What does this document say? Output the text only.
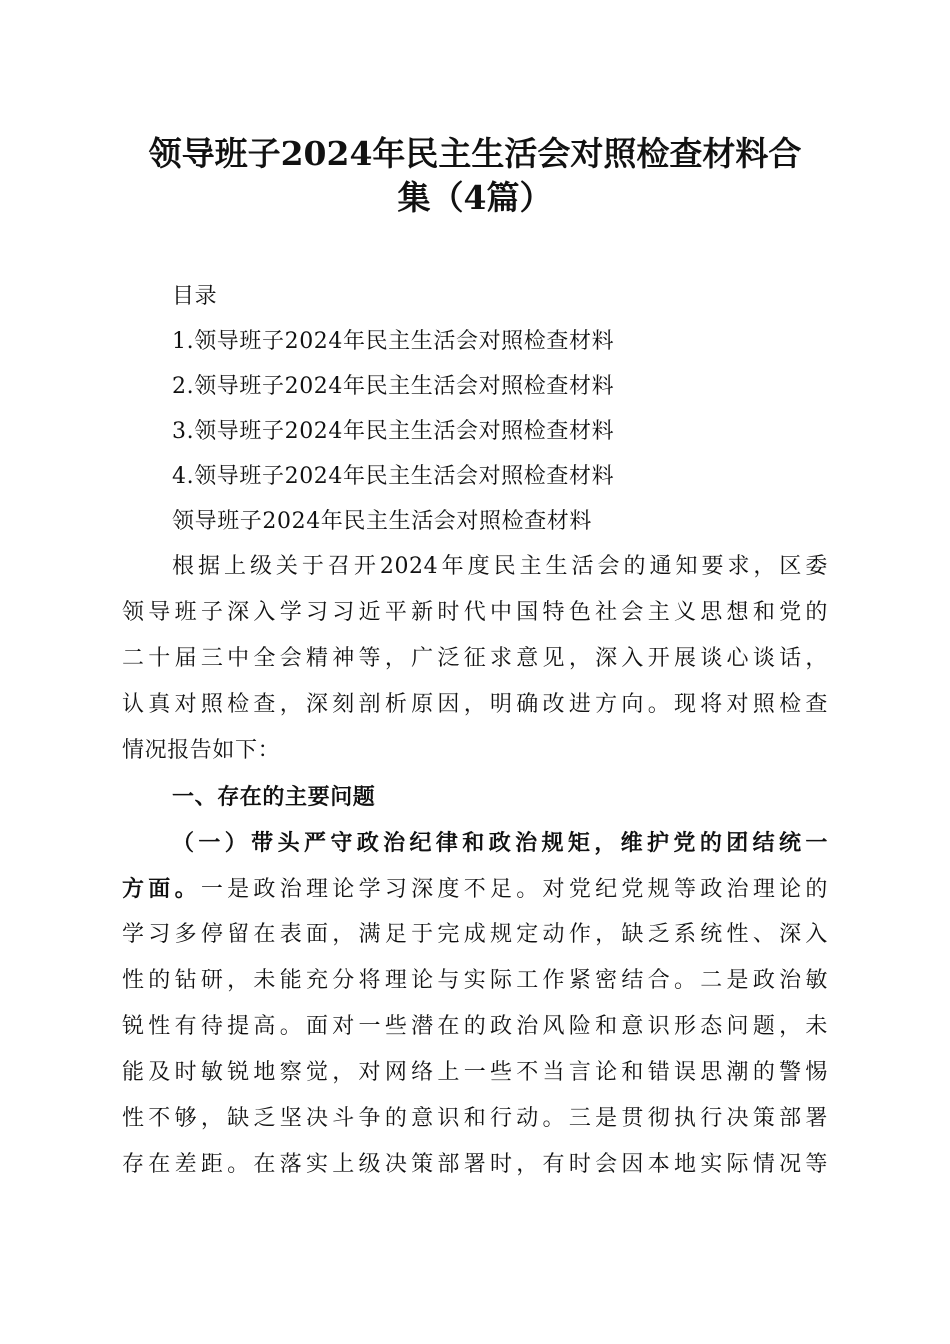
领导班子2024年民主生活会对照检查材料合
集（4篇）
目录
1.领导班子2024年民主生活会对照检查材料
2.领导班子2024年民主生活会对照检查材料
3.领导班子2024年民主生活会对照检查材料
4.领导班子2024年民主生活会对照检查材料
领导班子2024年民主生活会对照检查材料
根据上级关于召开2024年度民主生活会的通知要求，区委
领导班子深入学习习近平新时代中国特色社会主义思想和党的
二十届三中全会精神等，广泛征求意见，深入开展谈心谈话，
认真对照检查，深刻剖析原因，明确改进方向。现将对照检查
情况报告如下：
一、存在的主要问题
（一）带头严守政治纪律和政治规矩，维护党的团结统一
方面。一是政治理论学习深度不足。对党纪党规等政治理论的
学习多停留在表面，满足于完成规定动作，缺乏系统性、深入
性的钻研，未能充分将理论与实际工作紧密结合。二是政治敏
锐性有待提高。面对一些潜在的政治风险和意识形态问题，未
能及时敏锐地察觉，对网络上一些不当言论和错误思潮的警惕
性不够，缺乏坚决斗争的意识和行动。三是贯彻执行决策部署
存在差距。在落实上级决策部署时，有时会因本地实际情况等
